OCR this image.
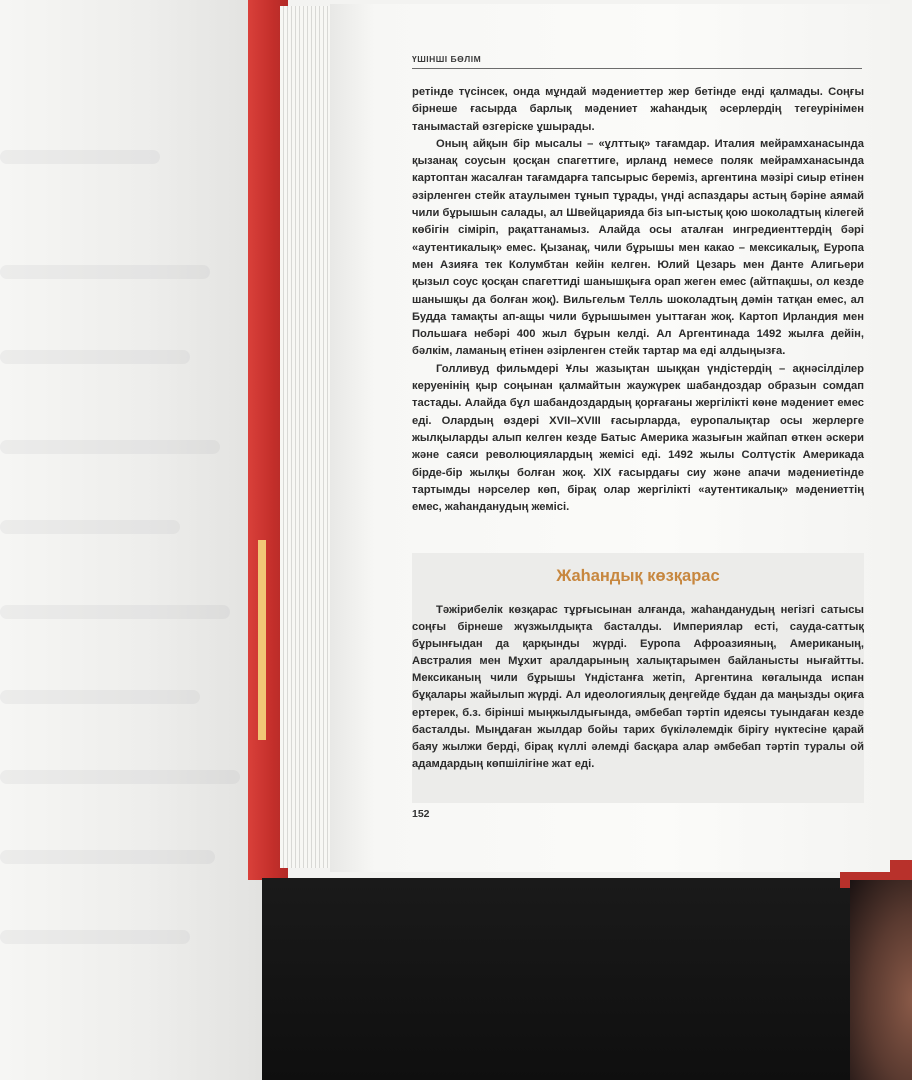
ҮШІНШІ БӨЛІМ

ретінде түсінсек, онда мұндай мәдениеттер жер бетінде енді қалмады. Соңғы бірнеше ғасырда барлық мәдениет жаһандық әсерлердің тегеурінімен танымастай өзгеріске ұшырады.

Оның айқын бір мысалы – «ұлттық» тағамдар. Италия мейрамханасында қызанақ соусын қосқан спагеттиге, ирланд немесе поляк мейрамханасында картоптан жасалған тағамдарға тапсырыс береміз, аргентина мәзірі сиыр етінен әзірленген стейк атаулымен тұнып тұрады, үнді аспаздары астың бәріне аямай чили бұрышын салады, ал Швейцарияда біз ып-ыстық қою шоколадтың кілегей көбігін сіміріп, рақаттанамыз. Алайда осы аталған ингредиенттердің бәрі «аутентикалық» емес. Қызанақ, чили бұрышы мен какао – мексикалық, Еуропа мен Азияға тек Колумбтан кейін келген. Юлий Цезарь мен Данте Алигьери қызыл соус қосқан спагеттиді шанышқыға орап жеген емес (айтпақшы, ол кезде шанышқы да болған жоқ). Вильгельм Телль шоколадтың дәмін татқан емес, ал Будда тамақты ап-ащы чили бұрышымен уыттаған жоқ. Картоп Ирландия мен Польшаға небәрі 400 жыл бұрын келді. Ал Аргентинада 1492 жылға дейін, бәлкім, ламаның етінен әзірленген стейк тартар ма еді алдыңызға.

Голливуд фильмдері Ұлы жазықтан шыққан үндістердің – ақнәсілділер керуенінің қыр соңынан қалмайтын жаужүрек шабандоздар образын сомдап тастады. Алайда бұл шабандоздардың қорғағаны жергілікті көне мәдениет емес еді. Олардың өздері XVII–XVIII ғасырларда, еуропалықтар осы жерлерге жылқыларды алып келген кезде Батыс Америка жазығын жайпап өткен әскери және саяси революциялардың жемісі еді. 1492 жылы Солтүстік Америкада бірде-бір жылқы болған жоқ. XIX ғасырдағы сиу және апачи мәдениетінде тартымды нәрселер көп, бірақ олар жергілікті «аутентикалық» мәдениеттің емес, жаһанданудың жемісі.

Жаһандық көзқарас

Тәжірибелік көзқарас тұрғысынан алғанда, жаһанданудың негізгі сатысы соңғы бірнеше жүзжылдықта басталды. Империялар есті, сауда-саттық бұрынғыдан да қарқынды жүрді. Еуропа Афроазияның, Американың, Австралия мен Мұхит аралдарының халықтарымен байланысты нығайтты. Мексиканың чили бұрышы Үндістанға жетіп, Аргентина көгалында испан бұқалары жайылып жүрді. Ал идеологиялық деңгейде бұдан да маңызды оқиға ертерек, б.з. бірінші мыңжылдығында, әмбебап тәртіп идеясы туындаған кезде басталды. Мыңдаған жылдар бойы тарих бүкіләлемдік бірігу нүктесіне қарай баяу жылжи берді, бірақ күллі әлемді басқара алар әмбебап тәртіп туралы ой адамдардың көпшілігіне жат еді.

152
